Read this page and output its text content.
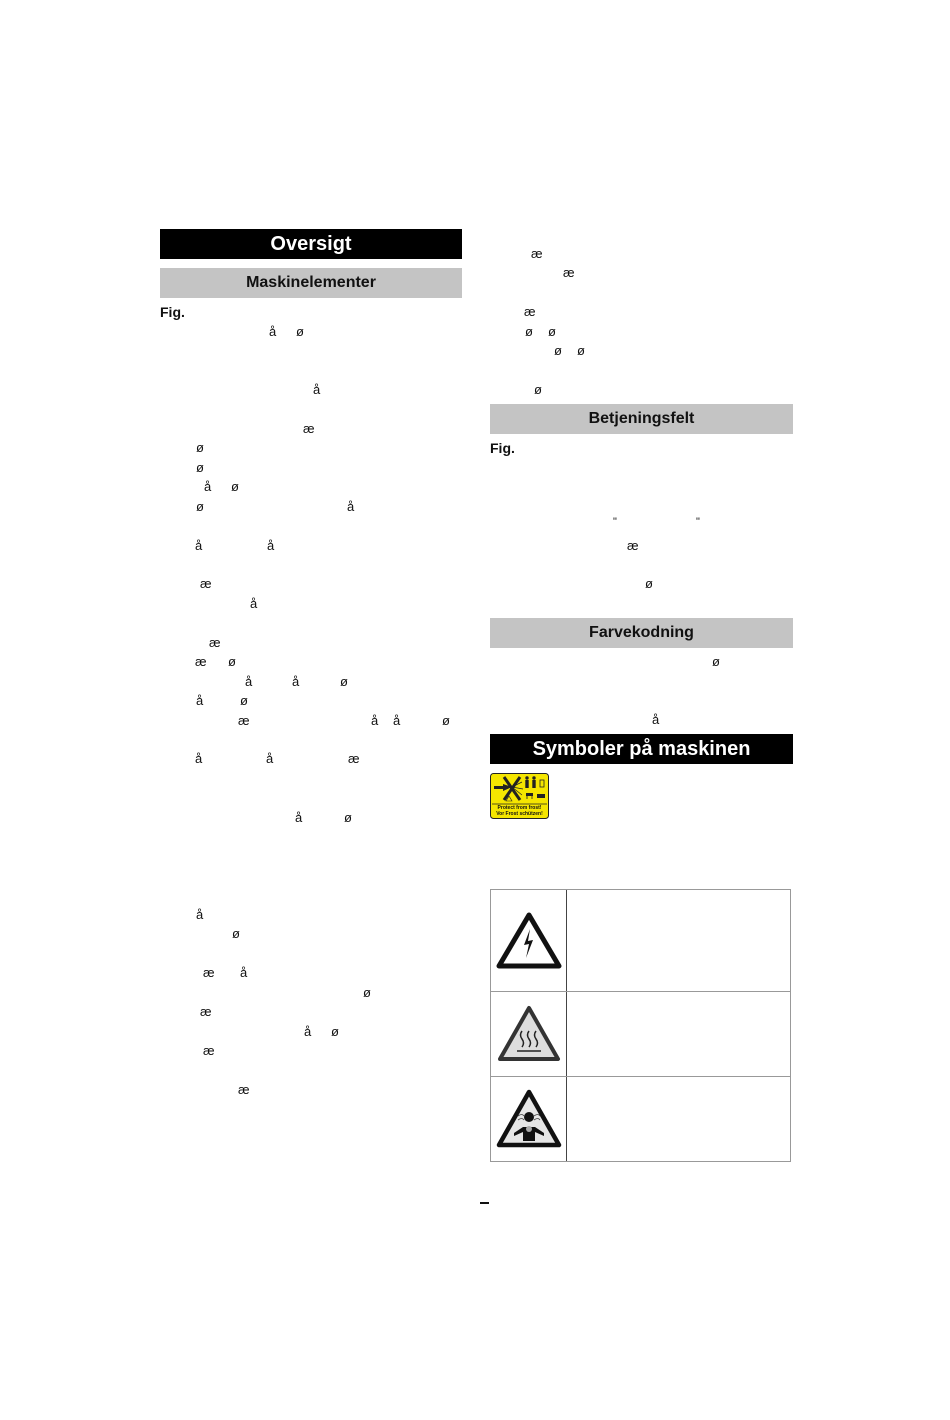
Oversigt
Maskinelementer
Fig.
å ø
å
æ
ø
ø
å ø
ø	å
å	å
æ
å
æ
æ ø
å	å	ø
å	ø
æ	å å	ø
å	å	æ
å	ø
å
ø
æ å
ø
æ
å ø
æ
æ
æ
æ
æ
ø ø
ø ø
ø
Betjeningsfelt
Fig.
"	"
æ
ø
Farvekodning
ø
å
Symboler på maskinen
Protect from frost!
Vor Frost schützen!
